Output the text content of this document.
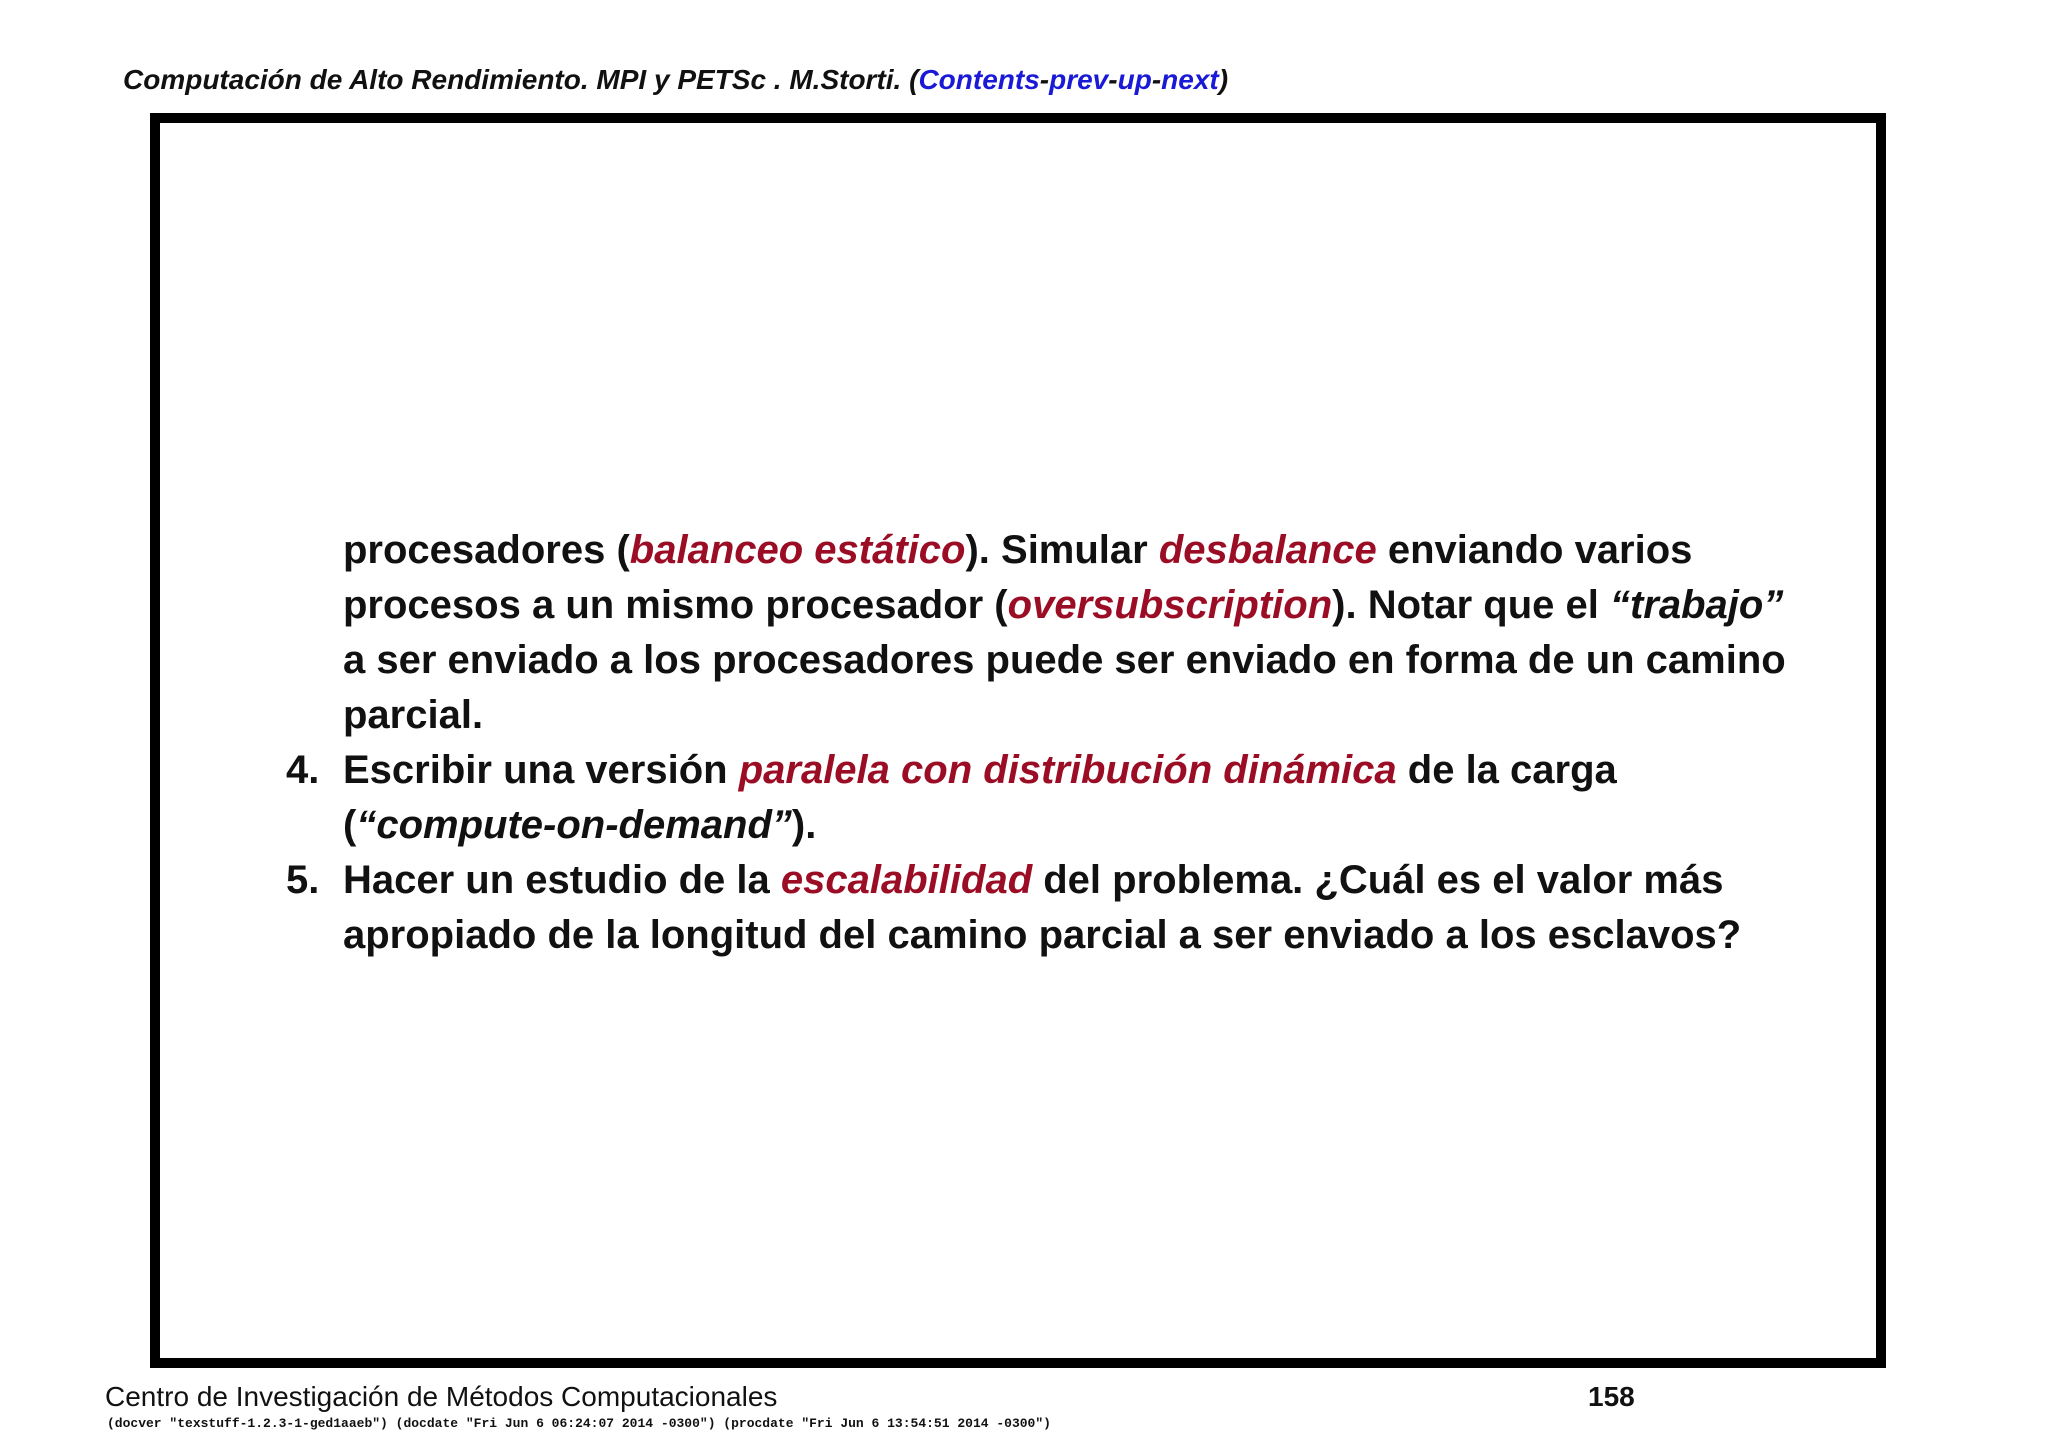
Computación de Alto Rendimiento. MPI y PETSc . M.Storti. (Contents-prev-up-next)

procesadores (balanceo estático). Simular desbalance enviando varios procesos a un mismo procesador (oversubscription). Notar que el “trabajo” a ser enviado a los procesadores puede ser enviado en forma de un camino parcial.

4. Escribir una versión paralela con distribución dinámica de la carga (“compute-on-demand”).
5. Hacer un estudio de la escalabilidad del problema. ¿Cuál es el valor más apropiado de la longitud del camino parcial a ser enviado a los esclavos?
Centro de Investigación de Métodos Computacionales	158
(docver "texstuff-1.2.3-1-ged1aaeb") (docdate "Fri Jun 6 06:24:07 2014 -0300") (procdate "Fri Jun 6 13:54:51 2014 -0300")
